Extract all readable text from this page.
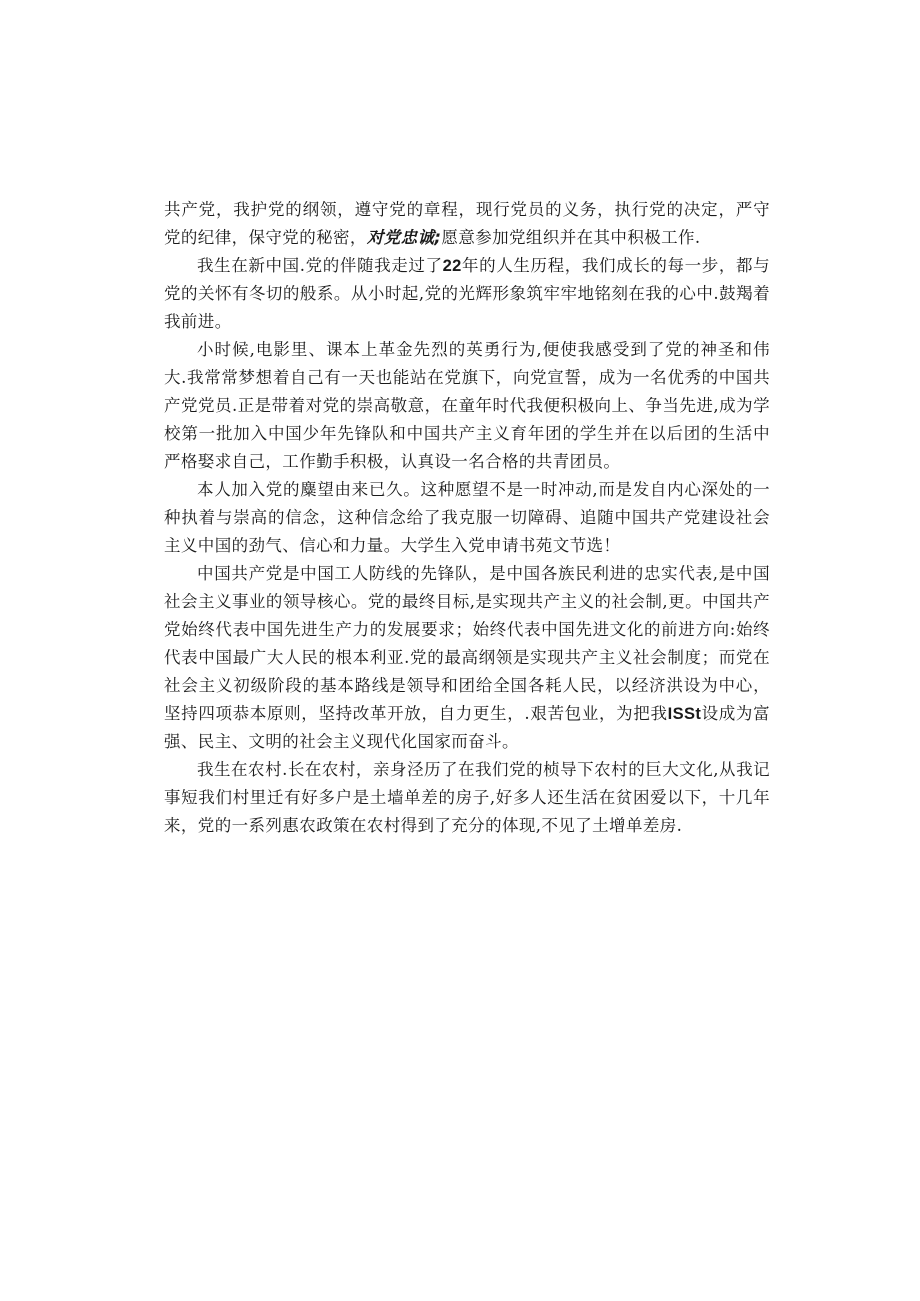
共产党，我护党的纲领，遵守党的章程，现行党员的义务，执行党的决定，严守党的纪律，保守党的秘密，对党忠诚;愿意参加党组织并在其中积极工作.

我生在新中国.党的伴随我走过了22年的人生历程，我们成长的每一步，都与党的关怀有冬切的般系。从小时起,党的光辉形象筑牢牢地铭刻在我的心中.鼓羯着我前进。

小时候,电影里、课本上革金先烈的英勇行为,便使我感受到了党的神圣和伟大.我常常梦想着自己有一天也能站在党旗下，向党宣誓，成为一名优秀的中国共产党党员.正是带着对党的崇高敬意，在童年时代我便积极向上、争当先进,成为学校第一批加入中国少年先锋队和中国共产主义育年团的学生并在以后团的生活中严格娶求自己，工作勤手积极，认真设一名合格的共青团员。

本人加入党的麋望由来已久。这种愿望不是一时冲动,而是发自内心深处的一种执着与崇高的信念，这种信念给了我克服一切障碍、追随中国共产党建设社会主义中国的劲气、信心和力量。大学生入党申请书苑文节选！

中国共产党是中国工人防线的先锋队，是中国各族民利进的忠实代表,是中国社会主义事业的领导核心。党的最终目标,是实现共产主义的社会制,更。中国共产党始终代表中国先进生产力的发展要求；始终代表中国先进文化的前进方向:始终代表中国最广大人民的根本利亚.党的最高纲领是实现共产主义社会制度；而党在社会主义初级阶段的基本路线是领导和团给全国各耗人民，以经济洪设为中心，坚持四项恭本原则，坚持改革开放，自力更生，.艰苦包业，为把我ISSt设成为富强、民主、文明的社会主义现代化国家而奋斗。

我生在农村.长在农村，亲身泾历了在我们党的桢导下农村的巨大文化,从我记事短我们村里迁有好多户是土墙单差的房子,好多人还生活在贫困爱以下，十几年来，党的一系列惠农政策在农村得到了充分的体现,不见了土增单差房.
